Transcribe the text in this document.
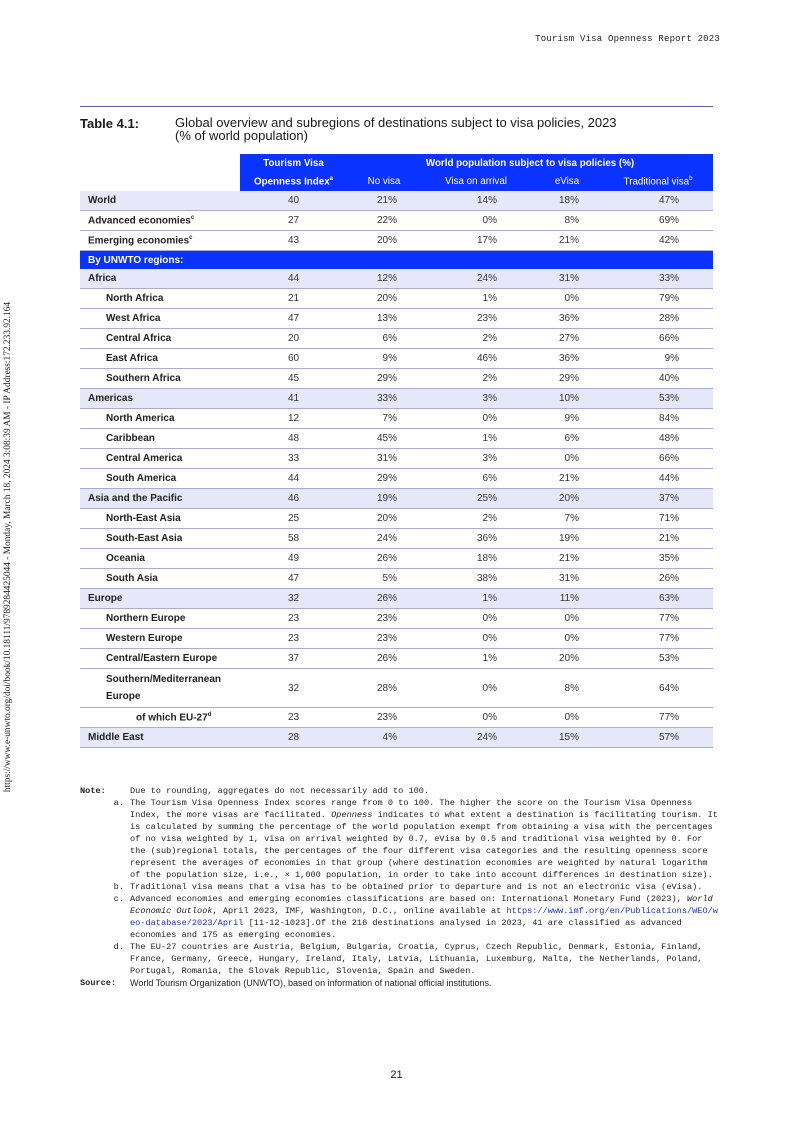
Tourism Visa Openness Report 2023
https://www.e-unwto.org/doi/book/10.18111/9789284425044 - Monday, March 18, 2024 3:08:39 AM - IP Address:172.233.92.164
Table 4.1:	Global overview and subregions of destinations subject to visa policies, 2023
(% of world population)
	Tourism Visa	World population subject to visa policies (%)			
	Openness Index$^a$	No visa	Visa on arrival	eVisa	Traditional visa$^b$
World	40	21%	14%	18%	47%
Advanced economies$^c$	27	22%	0%	8%	69%
Emerging economies$^c$	43	20%	17%	21%	42%
By UNWTO regions:					
Africa	44	12%	24%	31%	33%
North Africa	21	20%	1%	0%	79%
West Africa	47	13%	23%	36%	28%
Central Africa	20	6%	2%	27%	66%
East Africa	60	9%	46%	36%	9%
Southern Africa	45	29%	2%	29%	40%
Americas	41	33%	3%	10%	53%
North America	12	7%	0%	9%	84%
Caribbean	48	45%	1%	6%	48%
Central America	33	31%	3%	0%	66%
South America	44	29%	6%	21%	44%
Asia and the Pacific	46	19%	25%	20%	37%
North-East Asia	25	20%	2%	7%	71%
South-East Asia	58	24%	36%	19%	21%
Oceania	49	26%	18%	21%	35%
South Asia	47	5%	38%	31%	26%
Europe	32	26%	1%	11%	63%
Northern Europe	23	23%	0%	0%	77%
Western Europe	23	23%	0%	0%	77%
Central/Eastern Europe	37	26%	1%	20%	53%

Southern/Mediterranean
Europe	32	28%	0%	8%	64%
of which EU-27$^d$	23	23%	0%	0%	77%
Middle East	28	4%	24%	15%	57%
Note:	Due to rounding, aggregates do not necessarily add to 100.
a. The Tourism Visa Openness Index scores range from 0 to 100. The higher the score on the Tourism Visa Openness Index, the more visas are facilitated. Openness indicates to what extent a destination is facilitating tourism. It is calculated by summing the percentage of the world population exempt from obtaining a visa with the percentages of no visa weighted by 1, visa on arrival weighted by 0.7, eVisa by 0.5 and traditional visa weighted by 0. For the (sub)regional totals, the percentages of the four different visa categories and the resulting openness score represent the averages of economies in that group (where destination economies are weighted by natural logarithm of the population size, i.e., × 1,000 population, in order to take into account differences in destination size).
b. Traditional visa means that a visa has to be obtained prior to departure and is not an electronic visa (eVisa).
c. Advanced economies and emerging economies classifications are based on: International Monetary Fund (2023), World Economic Outlook, April 2023, IMF, Washington, D.C., online available at https://www.imf.org/en/Publications/WEO/weo-database/2023/April [11-12-1023].Of the 216 destinations analysed in 2023, 41 are classified as advanced economies and 175 as emerging economies.
d. The EU-27 countries are Austria, Belgium, Bulgaria, Croatia, Cyprus, Czech Republic, Denmark, Estonia, Finland, France, Germany, Greece, Hungary, Ireland, Italy, Latvia, Lithuania, Luxemburg, Malta, the Netherlands, Poland, Portugal, Romania, the Slovak Republic, Slovenia, Spain and Sweden.
Source:	World Tourism Organization (UNWTO), based on information of national official institutions.
21
